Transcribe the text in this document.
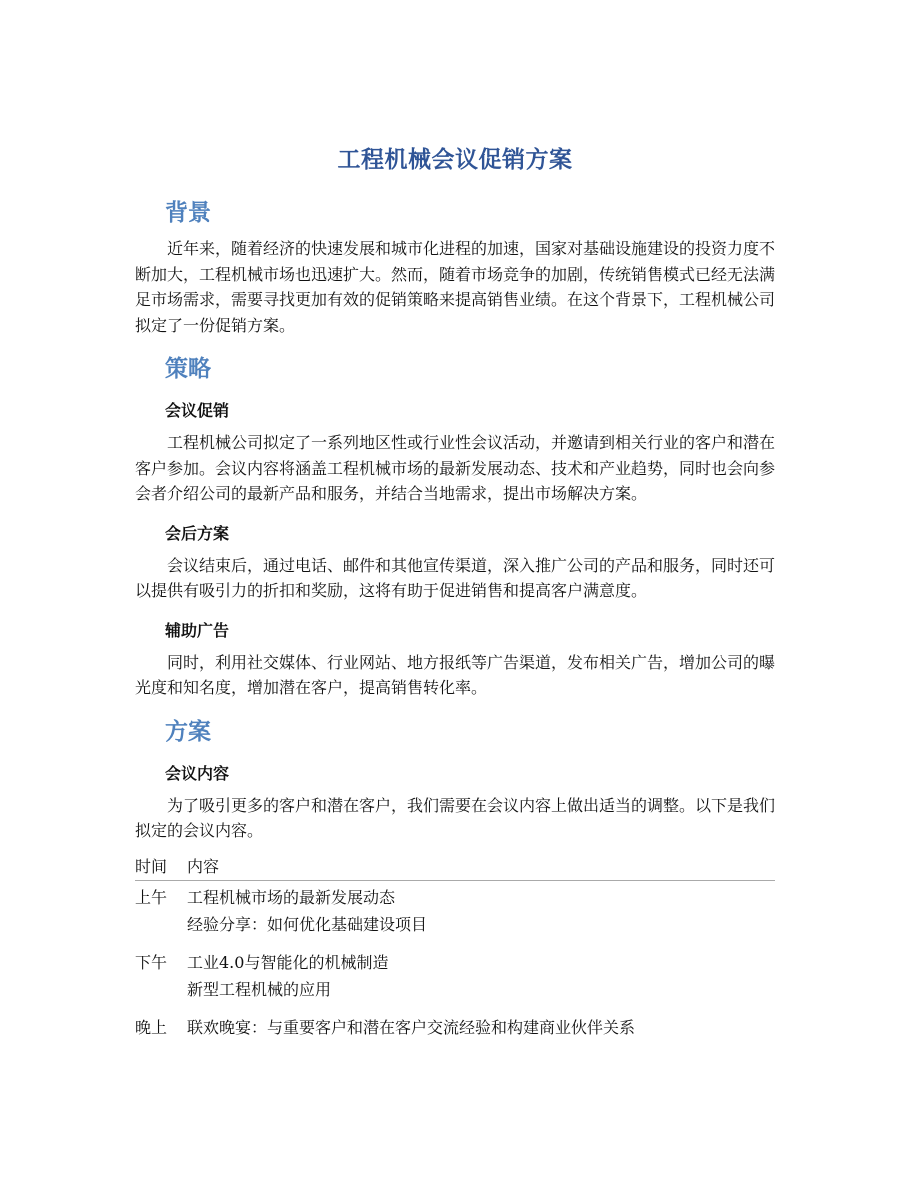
工程机械会议促销方案
背景

近年来，随着经济的快速发展和城市化进程的加速，国家对基础设施建设的投资力度不断加大，工程机械市场也迅速扩大。然而，随着市场竞争的加剧，传统销售模式已经无法满足市场需求，需要寻找更加有效的促销策略来提高销售业绩。在这个背景下，工程机械公司拟定了一份促销方案。

策略
会议促销

工程机械公司拟定了一系列地区性或行业性会议活动，并邀请到相关行业的客户和潜在客户参加。会议内容将涵盖工程机械市场的最新发展动态、技术和产业趋势，同时也会向参会者介绍公司的最新产品和服务，并结合当地需求，提出市场解决方案。

会后方案

会议结束后，通过电话、邮件和其他宣传渠道，深入推广公司的产品和服务，同时还可以提供有吸引力的折扣和奖励，这将有助于促进销售和提高客户满意度。

辅助广告

同时，利用社交媒体、行业网站、地方报纸等广告渠道，发布相关广告，增加公司的曝光度和知名度，增加潜在客户，提高销售转化率。

方案
会议内容

为了吸引更多的客户和潜在客户，我们需要在会议内容上做出适当的调整。以下是我们拟定的会议内容。

时间	内容
上午	工程机械市场的最新发展动态
经验分享：如何优化基础建设项目
下午	工业4.0与智能化的机械制造
新型工程机械的应用
晚上	联欢晚宴：与重要客户和潜在客户交流经验和构建商业伙伴关系
